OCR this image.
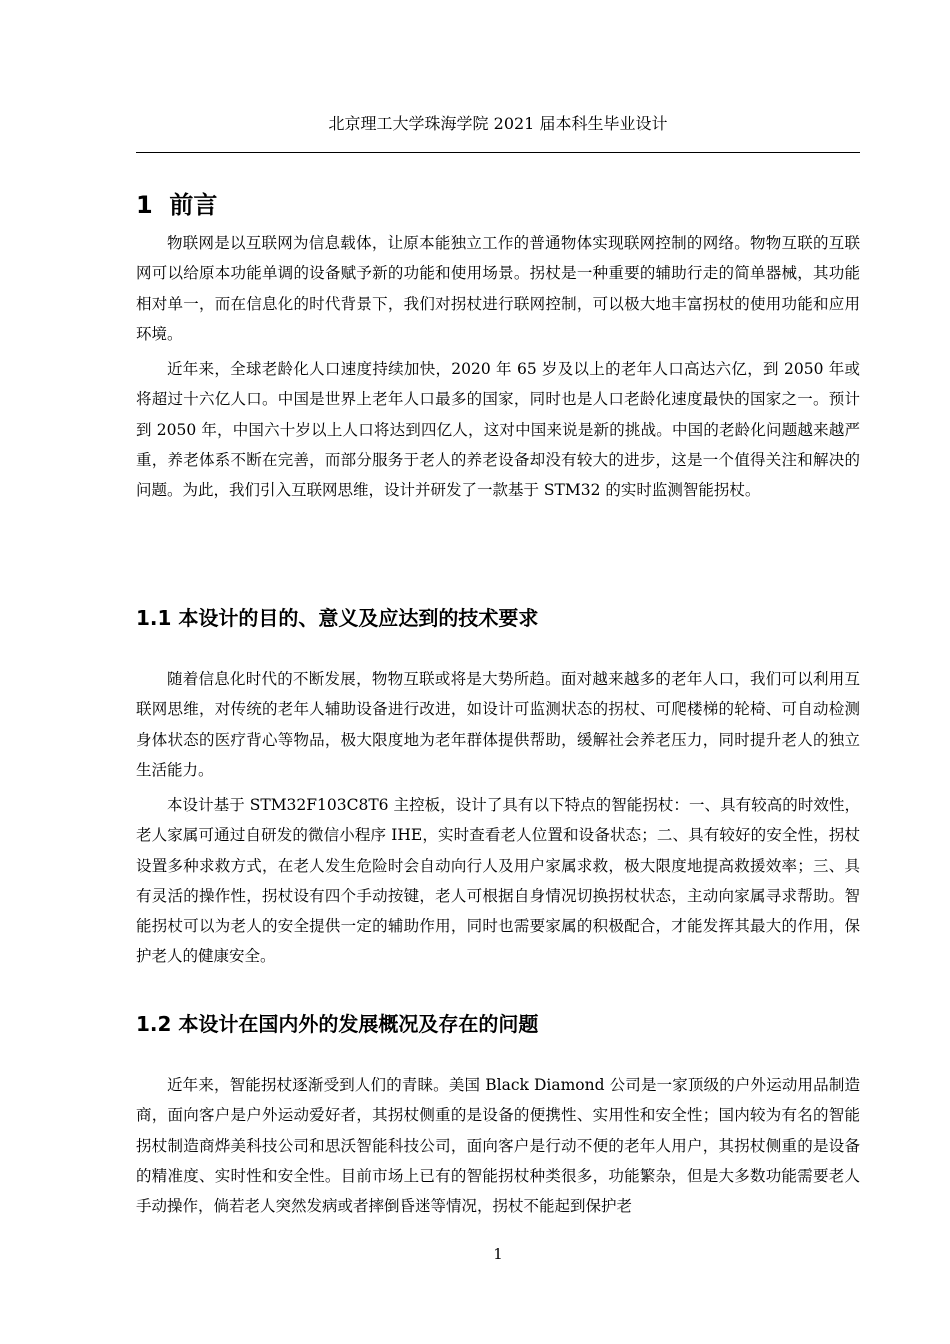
北京理工大学珠海学院 2021 届本科生毕业设计
1  前言

物联网是以互联网为信息载体，让原本能独立工作的普通物体实现联网控制的网络。物物互联的互联网可以给原本功能单调的设备赋予新的功能和使用场景。拐杖是一种重要的辅助行走的简单器械，其功能相对单一，而在信息化的时代背景下，我们对拐杖进行联网控制，可以极大地丰富拐杖的使用功能和应用环境。

近年来，全球老龄化人口速度持续加快，2020 年 65 岁及以上的老年人口高达六亿，到 2050 年或将超过十六亿人口。中国是世界上老年人口最多的国家，同时也是人口老龄化速度最快的国家之一。预计到 2050 年，中国六十岁以上人口将达到四亿人，这对中国来说是新的挑战。中国的老龄化问题越来越严重，养老体系不断在完善，而部分服务于老人的养老设备却没有较大的进步，这是一个值得关注和解决的问题。为此，我们引入互联网思维，设计并研发了一款基于 STM32 的实时监测智能拐杖。

1.1 本设计的目的、意义及应达到的技术要求

随着信息化时代的不断发展，物物互联或将是大势所趋。面对越来越多的老年人口，我们可以利用互联网思维，对传统的老年人辅助设备进行改进，如设计可监测状态的拐杖、可爬楼梯的轮椅、可自动检测身体状态的医疗背心等物品，极大限度地为老年群体提供帮助，缓解社会养老压力，同时提升老人的独立生活能力。

本设计基于 STM32F103C8T6 主控板，设计了具有以下特点的智能拐杖：一、具有较高的时效性，老人家属可通过自研发的微信小程序 IHE，实时查看老人位置和设备状态；二、具有较好的安全性，拐杖设置多种求救方式，在老人发生危险时会自动向行人及用户家属求救，极大限度地提高救援效率；三、具有灵活的操作性，拐杖设有四个手动按键，老人可根据自身情况切换拐杖状态，主动向家属寻求帮助。智能拐杖可以为老人的安全提供一定的辅助作用，同时也需要家属的积极配合，才能发挥其最大的作用，保护老人的健康安全。

1.2 本设计在国内外的发展概况及存在的问题

近年来，智能拐杖逐渐受到人们的青睐。美国 Black Diamond 公司是一家顶级的户外运动用品制造商，面向客户是户外运动爱好者，其拐杖侧重的是设备的便携性、实用性和安全性；国内较为有名的智能拐杖制造商烨美科技公司和思沃智能科技公司，面向客户是行动不便的老年人用户，其拐杖侧重的是设备的精准度、实时性和安全性。目前市场上已有的智能拐杖种类很多，功能繁杂，但是大多数功能需要老人手动操作，倘若老人突然发病或者摔倒昏迷等情况，拐杖不能起到保护老

1
